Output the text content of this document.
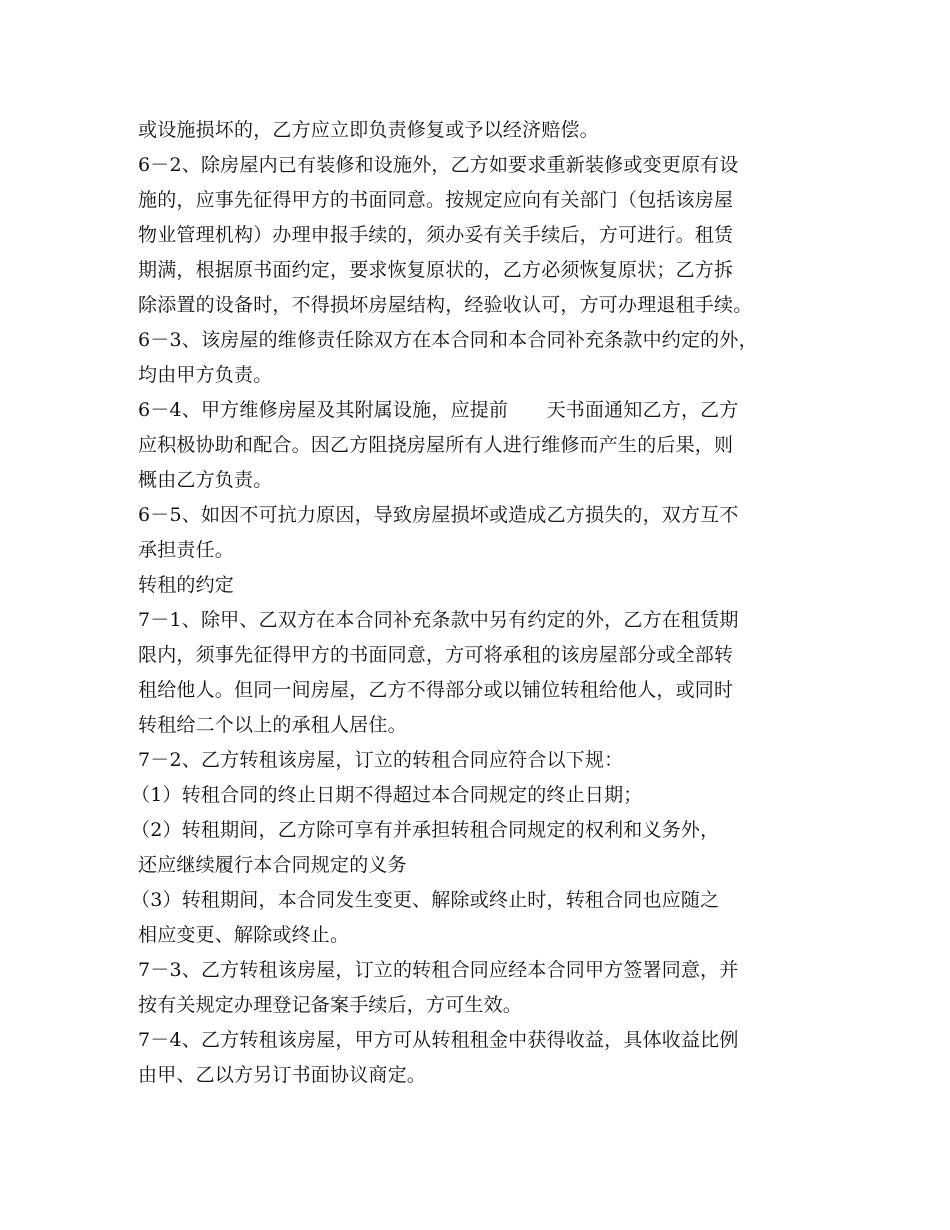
或设施损坏的，乙方应立即负责修复或予以经济赔偿。
6－2、除房屋内已有装修和设施外，乙方如要求重新装修或变更原有设
施的，应事先征得甲方的书面同意。按规定应向有关部门（包括该房屋
物业管理机构）办理申报手续的，须办妥有关手续后，方可进行。租赁
期满，根据原书面约定，要求恢复原状的，乙方必须恢复原状；乙方拆
除添置的设备时，不得损坏房屋结构，经验收认可，方可办理退租手续。
6－3、该房屋的维修责任除双方在本合同和本合同补充条款中约定的外，
均由甲方负责。
6－4、甲方维修房屋及其附属设施，应提前　　天书面通知乙方，乙方
应积极协助和配合。因乙方阻挠房屋所有人进行维修而产生的后果，则
概由乙方负责。
6－5、如因不可抗力原因，导致房屋损坏或造成乙方损失的，双方互不
承担责任。
转租的约定
7－1、除甲、乙双方在本合同补充条款中另有约定的外，乙方在租赁期
限内，须事先征得甲方的书面同意，方可将承租的该房屋部分或全部转
租给他人。但同一间房屋，乙方不得部分或以铺位转租给他人，或同时
转租给二个以上的承租人居住。
7－2、乙方转租该房屋，订立的转租合同应符合以下规：
（1）转租合同的终止日期不得超过本合同规定的终止日期；
（2）转租期间，乙方除可享有并承担转租合同规定的权利和义务外，
还应继续履行本合同规定的义务
（3）转租期间，本合同发生变更、解除或终止时，转租合同也应随之
相应变更、解除或终止。
7－3、乙方转租该房屋，订立的转租合同应经本合同甲方签署同意，并
按有关规定办理登记备案手续后，方可生效。
7－4、乙方转租该房屋，甲方可从转租租金中获得收益，具体收益比例
由甲、乙以方另订书面协议商定。
